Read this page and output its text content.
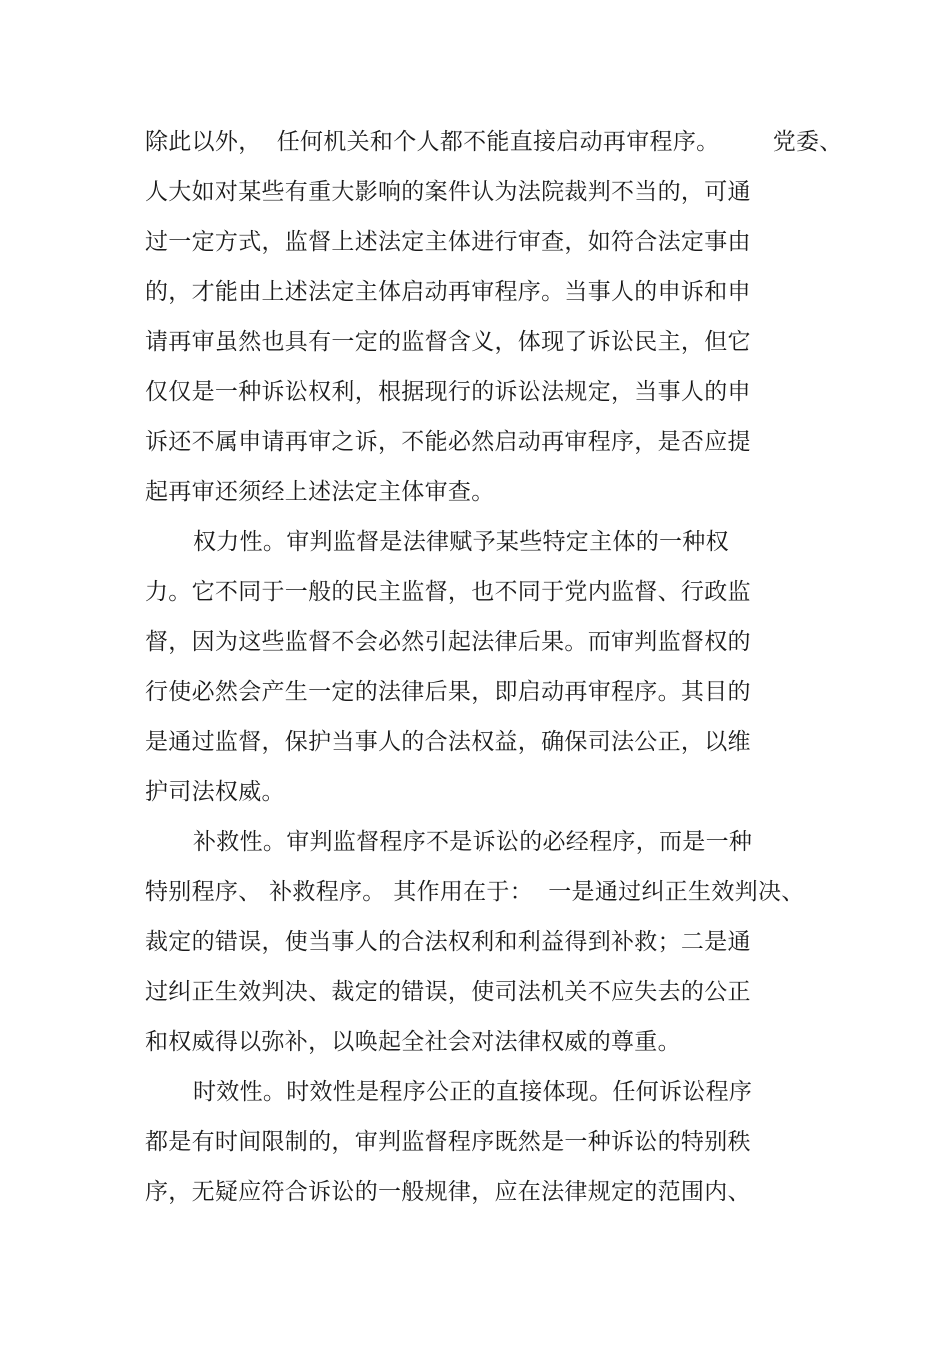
除此以外，  任何机关和个人都不能直接启动再审程序。       党委、
人大如对某些有重大影响的案件认为法院裁判不当的，可通
过一定方式，监督上述法定主体进行审查，如符合法定事由
的，才能由上述法定主体启动再审程序。当事人的申诉和申
请再审虽然也具有一定的监督含义，体现了诉讼民主，但它
仅仅是一种诉讼权利，根据现行的诉讼法规定，当事人的申
诉还不属申请再审之诉，不能必然启动再审程序，是否应提
起再审还须经上述法定主体审查。
权力性。审判监督是法律赋予某些特定主体的一种权
力。它不同于一般的民主监督，也不同于党内监督、行政监
督，因为这些监督不会必然引起法律后果。而审判监督权的
行使必然会产生一定的法律后果，即启动再审程序。其目的
是通过监督，保护当事人的合法权益，确保司法公正，以维
护司法权威。
补救性。审判监督程序不是诉讼的必经程序，而是一种
特别程序、 补救程序。 其作用在于：  一是通过纠正生效判决、
裁定的错误，使当事人的合法权利和利益得到补救；二是通
过纠正生效判决、裁定的错误，使司法机关不应失去的公正
和权威得以弥补，以唤起全社会对法律权威的尊重。
时效性。时效性是程序公正的直接体现。任何诉讼程序
都是有时间限制的，审判监督程序既然是一种诉讼的特别秩
序，无疑应符合诉讼的一般规律，应在法律规定的范围内、
